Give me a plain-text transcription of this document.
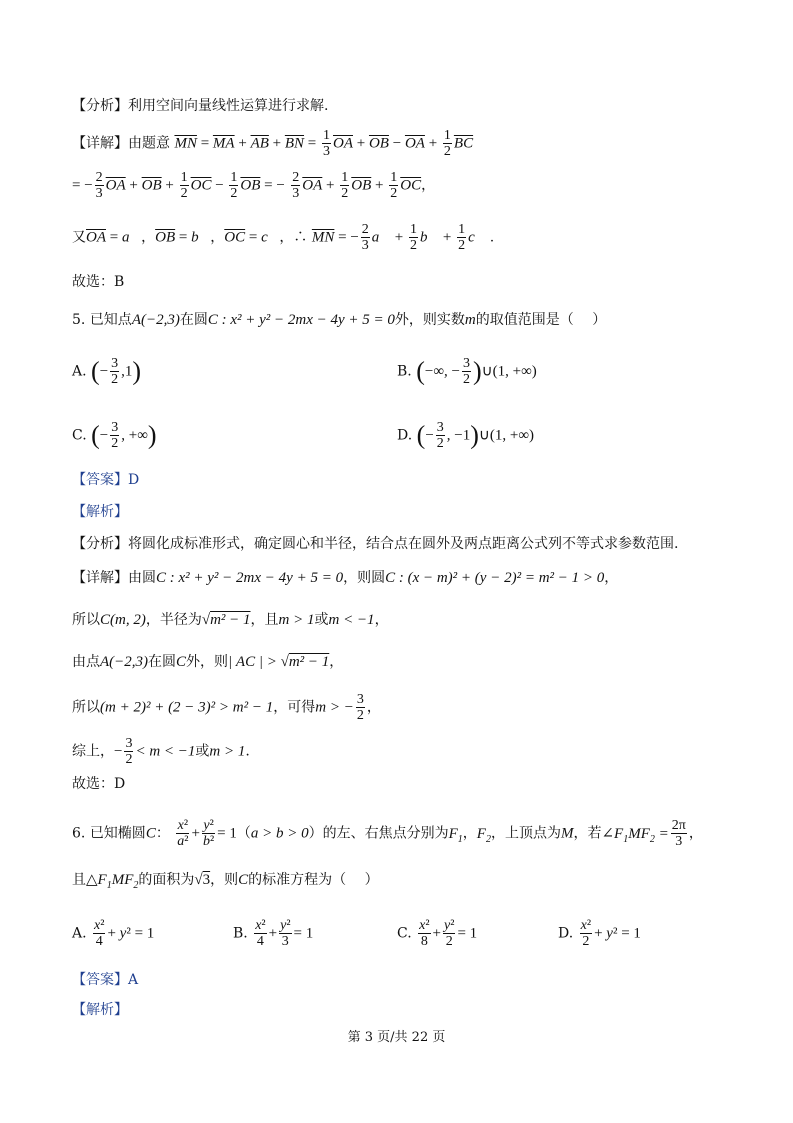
【分析】利用空间向量线性运算进行求解.
【详解】由题意 $\overline{MN} = \overline{MA} + \overline{AB} + \overline{BN} = \frac{1}{3} \overline{OA} + \overline{OB} - \overline{OA} + \frac{1}{2} \overline{BC}$
= − $\frac{2}{3} \overline{OA} + \overline{OB} + \frac{1}{2} \overline{OC} - \frac{1}{2} \overline{OB}$ = − $\frac{2}{3} \overline{OA} + \frac{1}{2} \overline{OB} + \frac{1}{2} \overline{OC}$，
又$\overline{OA}$ = a⃗，$\overline{OB}$ = b⃗，$\overline{OC}$ = c⃗，∴ $\overline{MN}$ = − $\frac{2}{3}$ a⃗ + $\frac{1}{2}$ b⃗ + $\frac{1}{2}$ c⃗ .
故选：B
5. 已知点A(−2,3)在圆C : x² + y² − 2mx − 4y + 5 = 0外，则实数m的取值范围是（　 ）
A. (− $\frac{3}{2} ,1$)	B. (−∞, − $\frac{3}{2}$ )∪(1, +∞)
C. (− $\frac{3}{2}$ , +∞)	D. (− $\frac{3}{2}$ , −1)∪(1, +∞)
【答案】D
【解析】
【分析】将圆化成标准形式，确定圆心和半径，结合点在圆外及两点距离公式列不等式求参数范围.
【详解】由圆C : x² + y² − 2mx − 4y + 5 = 0，则圆C : (x − m)² + (y − 2)² = m² − 1 > 0，
所以C(m, 2)，半径为√m² − 1，且m > 1或m < −1，
由点A(−2,3)在圆C外，则| AC | > √m² − 1，
所以(m + 2)² + (2 − 3)² > m² − 1，可得m > − $\frac{3}{2}$ ，
综上，− $\frac{3}{2} < m < -1$或m > 1.
故选：D
6. 已知椭圆C： $\frac{\text{x²}}{\text{a²}} + \frac{\text{y²}}{\text{b²}} = 1(a > b > 0)$的左、右焦点分别为$F_1$，$F_2$，上顶点为M，若$\angle F_1MF_2 = \frac{2\pi}{3}$ ，
且$\triangle F_1MF_2$的面积为√3，则C的标准方程为（　 ）
A. $\frac{\text{x²}}{4} + y^2 = 1$	B. $\frac{\text{x²}}{4} + \frac{\text{y²}}{3} = 1$	C. $\frac{\text{x²}}{8} + \frac{\text{y²}}{2} = 1$	D. $\frac{\text{x²}}{2} + y^2 = 1$
【答案】A
【解析】
第 3 页/共 22 页
